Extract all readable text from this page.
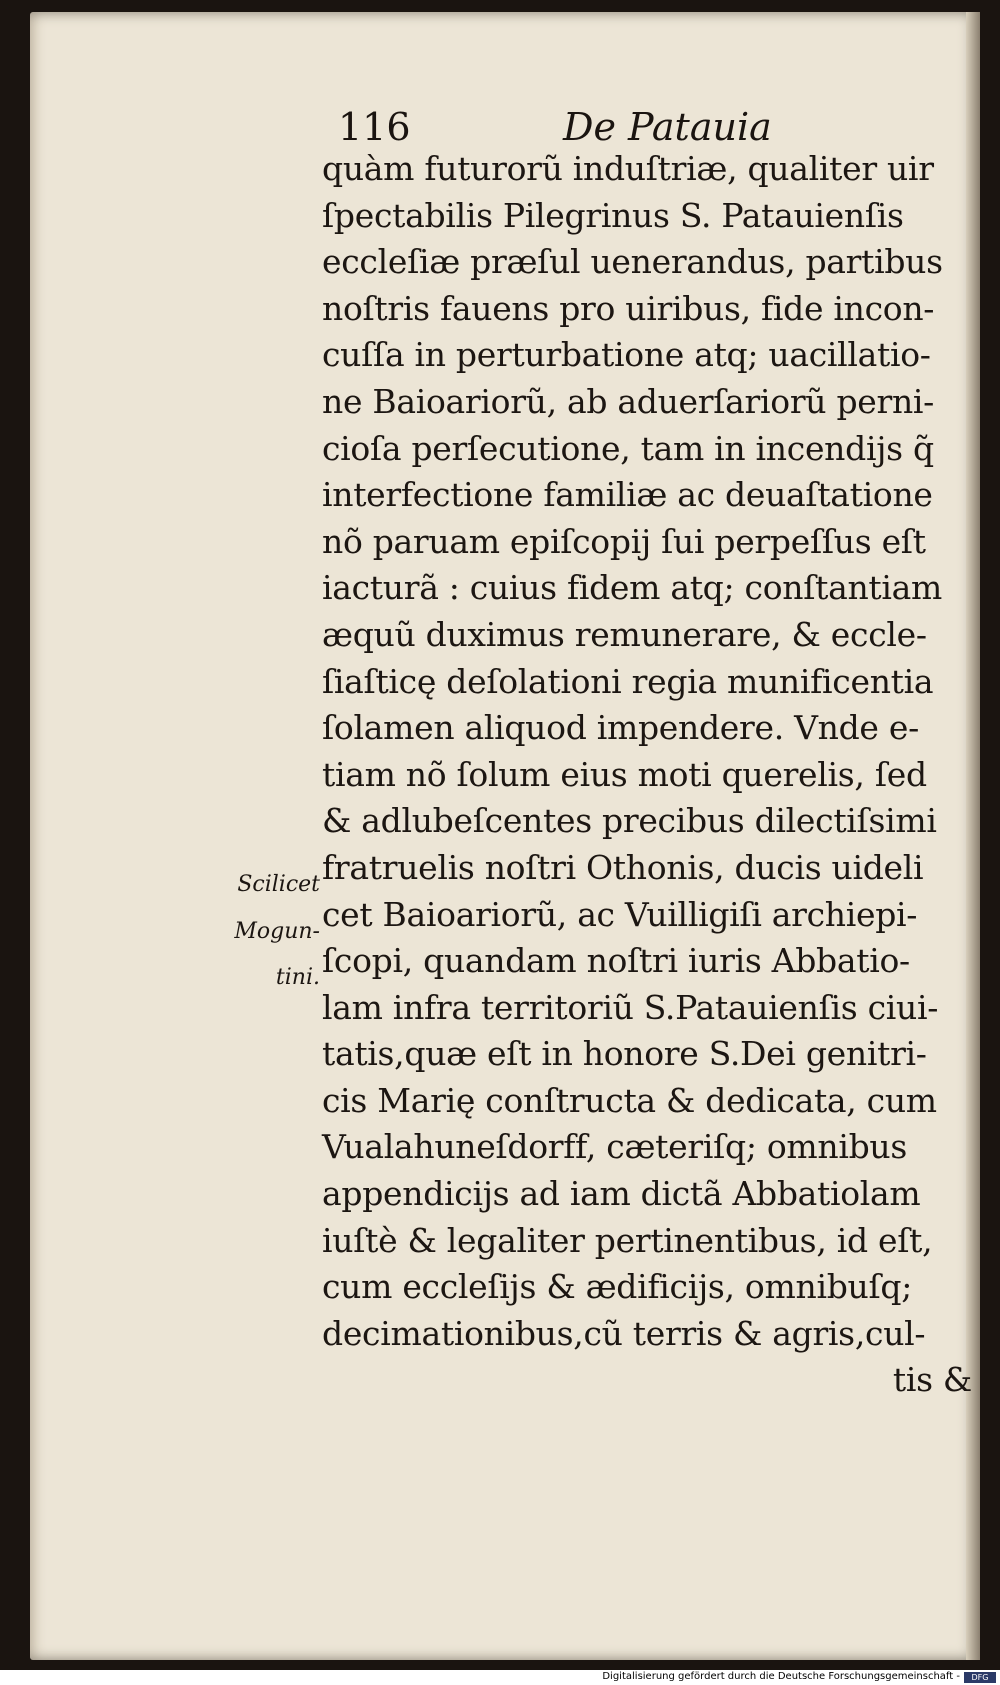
116	De Patauia
quàm futurorũ induſtriæ, qualiter uir
ſpectabilis Pilegrinus S. Patauienſis
eccleſiæ præſul uenerandus, partibus
noſtris fauens pro uiribus, fide incon-
cuſſa in perturbatione atq; uacillatio-
ne Baioariorũ, ab aduerſariorũ perni-
cioſa perſecutione, tam in incendijs q̃
interfectione familiæ ac deuaſtatione
nõ paruam epiſcopij ſui perpeſſus eſt
iacturã : cuius fidem atq; conſtantiam
æquũ duximus remunerare, & eccle-
ſiaſticę deſolationi regia munificentia
ſolamen aliquod impendere. Vnde e-
tiam nõ ſolum eius moti querelis, ſed
& adlubeſcentes precibus dilectiſsimi
fratruelis noſtri Othonis, ducis uideli
cet Baioariorũ, ac Vuilligiſi archiepi-
ſcopi, quandam noſtri iuris Abbatio-
lam infra territoriũ S.Patauienſis ciui-
tatis,quæ eſt in honore S.Dei genitri-
cis Marię conſtructa & dedicata, cum
Vualahuneſdorff, cæteriſq; omnibus
appendicijs ad iam dictã Abbatiolam
iuſtè & legaliter pertinentibus, id eſt,
cum eccleſijs & ædificijs, omnibuſq;
decimationibus,cũ terris & agris,cul-
tis &
Scilicet
Mogun-
tini.
Digitalisierung gefördert durch die Deutsche Forschungsgemeinschaft -	DFG
